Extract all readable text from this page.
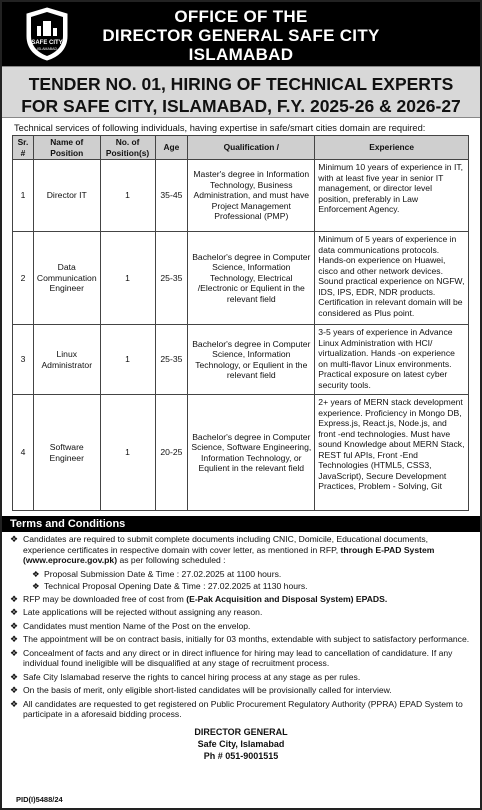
SAFE CITY
ISLAMABAD
OFFICE OF THE
DIRECTOR GENERAL SAFE CITY
ISLAMABAD
TENDER NO. 01, HIRING OF TECHNICAL EXPERTS
FOR SAFE CITY, ISLAMABAD, F.Y. 2025-26 & 2026-27
Technical services of following individuals, having expertise in safe/smart cities domain are required:
Sr. #	Name of Position	No. of Position(s)	Age	Qualification /	Experience
1	Director IT	1	35-45	Master's degree in Information Technology, Business Administration, and must have Project Management Professional (PMP)	Minimum 10 years of experience in IT, with at least five year in senior IT management, or director level position, preferably in Law Enforcement Agency.
2	Data Communication Engineer	1	25-35	Bachelor's degree in Computer Science, Information Technology, Electrical /Electronic or Equlient in the relevant field	Minimum of 5 years of experience in data communications protocols. Hands-on experience on Huawei, cisco and other network devices. Sound practical experience on NGFW, IDS, IPS, EDR, NDR products. Certification in relevant domain will be considered as Plus point.
3	Linux Administrator	1	25-35	Bachelor's degree in Computer Science, Information Technology, or Equlient in the relevant field	3-5 years of experience in Advance Linux Administration with HCI/ virtualization. Hands -on experience on multi-flavor Linux environments. Practical exposure on latest cyber security tools.
4	Software Engineer	1	20-25	Bachelor's degree in Computer Science, Software Engineering, Information Technology, or Equlient in the relevant field	2+ years of MERN stack development experience. Proficiency in Mongo DB, Express.js, React.js, Node.js, and front -end technologies. Must have sound Knowledge about MERN Stack, REST ful APIs, Front -End Technologies (HTML5, CSS3, JavaScript), Secure Development Practices, Problem - Solving, Git
Terms and Conditions
❖ Candidates are required to submit complete documents including CNIC, Domicile, Educational documents, experience certificates in respective domain with cover letter, as mentioned in RFP, through E-PAD System (www.eprocure.gov.pk) as per following scheduled :
❖ Proposal Submission Date & Time : 27.02.2025 at 1100 hours.
❖ Technical Proposal Opening Date & Time : 27.02.2025 at 1130 hours.
❖ RFP may be downloaded free of cost from (E-Pak Acquisition and Disposal System) EPADS.
❖ Late applications will be rejected without assigning any reason.
❖ Candidates must mention Name of the Post on the envelop.
❖ The appointment will be on contract basis, initially for 03 months, extendable with subject to satisfactory performance.
❖ Concealment of facts and any direct or in direct influence for hiring may lead to cancellation of candidature. If any individual found ineligible will be disqualified at any stage of recruitment process.
❖ Safe City Islamabad reserve the rights to cancel hiring process at any stage as per rules.
❖ On the basis of merit, only eligible short-listed candidates will be provisionally called for interview.
❖ All candidates are requested to get registered on Public Procurement Regulatory Authority (PPRA) EPAD System to participate in a aforesaid bidding process.
DIRECTOR GENERAL
Safe City, Islamabad
Ph # 051-9001515
PID(I)5488/24
